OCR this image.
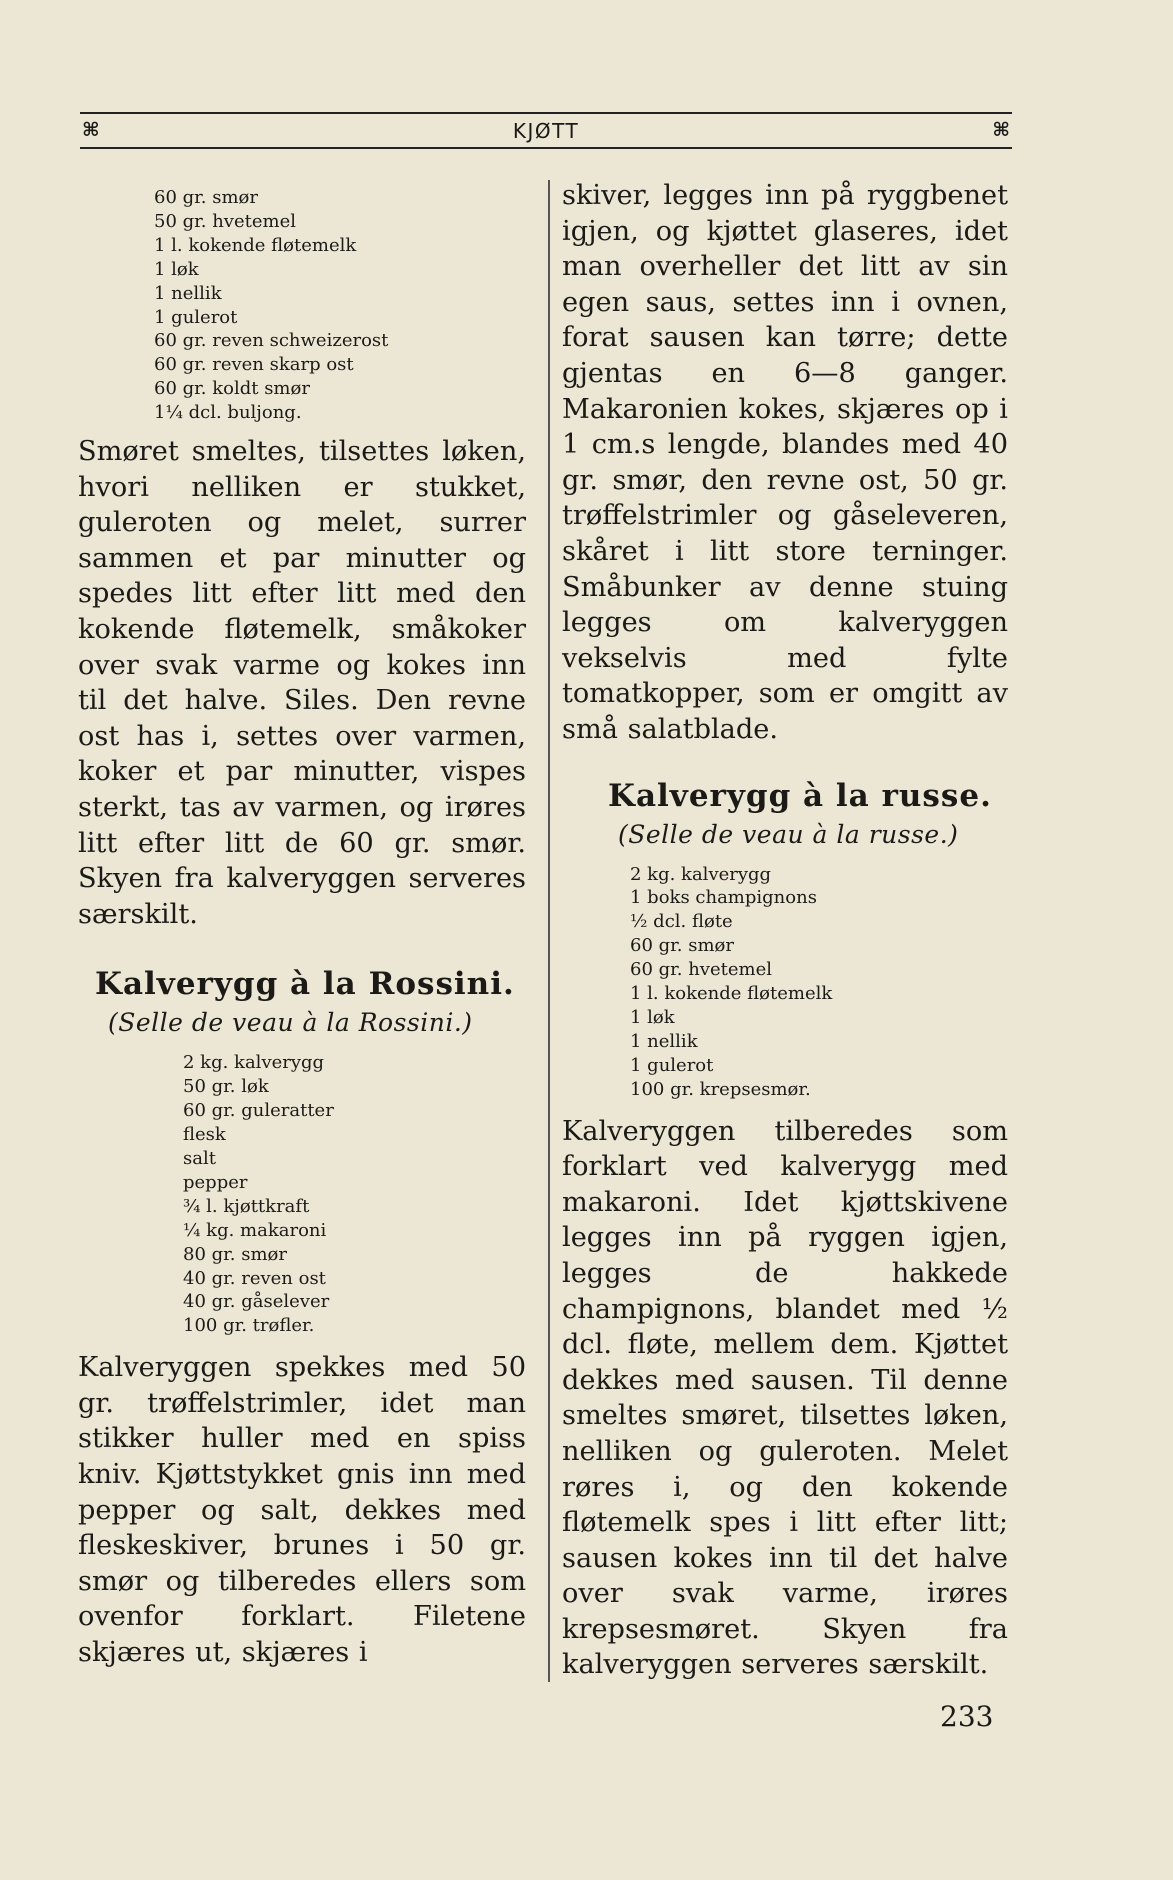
⌘	KJØTT	⌘
60 gr. smør
50 gr. hvetemel
1 l. kokende fløtemelk
1 løk
1 nellik
1 gulerot
60 gr. reven schweizerost
60 gr. reven skarp ost
60 gr. koldt smør
1¼ dcl. buljong.

Smøret smeltes, tilsettes løken, hvori nelliken er stukket, guleroten og melet, surrer sammen et par minutter og spedes litt efter litt med den kokende fløtemelk, småkoker over svak varme og kokes inn til det halve. Siles. Den revne ost has i, settes over varmen, koker et par minutter, vispes sterkt, tas av varmen, og irøres litt efter litt de 60 gr. smør. Skyen fra kalveryggen serveres særskilt.

Kalverygg à la Rossini.
(Selle de veau à la Rossini.)
2 kg. kalverygg
50 gr. løk
60 gr. guleratter
flesk
salt
pepper
¾ l. kjøttkraft
¼ kg. makaroni
80 gr. smør
40 gr. reven ost
40 gr. gåselever
100 gr. trøfler.

Kalveryggen spekkes med 50 gr. trøffelstrimler, idet man stikker huller med en spiss kniv. Kjøttstykket gnis inn med pepper og salt, dekkes med fleskeskiver, brunes i 50 gr. smør og tilberedes ellers som ovenfor forklart. Filetene skjæres ut, skjæres i

skiver, legges inn på ryggbenet igjen, og kjøttet glaseres, idet man overheller det litt av sin egen saus, settes inn i ovnen, forat sausen kan tørre; dette gjentas en 6—8 ganger. Makaronien kokes, skjæres op i 1 cm.s lengde, blandes med 40 gr. smør, den revne ost, 50 gr. trøffelstrimler og gåseleveren, skåret i litt store terninger. Småbunker av denne stuing legges om kalveryggen vekselvis med fylte tomatkopper, som er omgitt av små salatblade.

Kalverygg à la russe.
(Selle de veau à la russe.)
2 kg. kalverygg
1 boks champignons
½ dcl. fløte
60 gr. smør
60 gr. hvetemel
1 l. kokende fløtemelk
1 løk
1 nellik
1 gulerot
100 gr. krepsesmør.

Kalveryggen tilberedes som forklart ved kalverygg med makaroni. Idet kjøttskivene legges inn på ryggen igjen, legges de hakkede champignons, blandet med ½ dcl. fløte, mellem dem. Kjøttet dekkes med sausen. Til denne smeltes smøret, tilsettes løken, nelliken og guleroten. Melet røres i, og den kokende fløtemelk spes i litt efter litt; sausen kokes inn til det halve over svak varme, irøres krepsesmøret. Skyen fra kalveryggen serveres særskilt.

233
